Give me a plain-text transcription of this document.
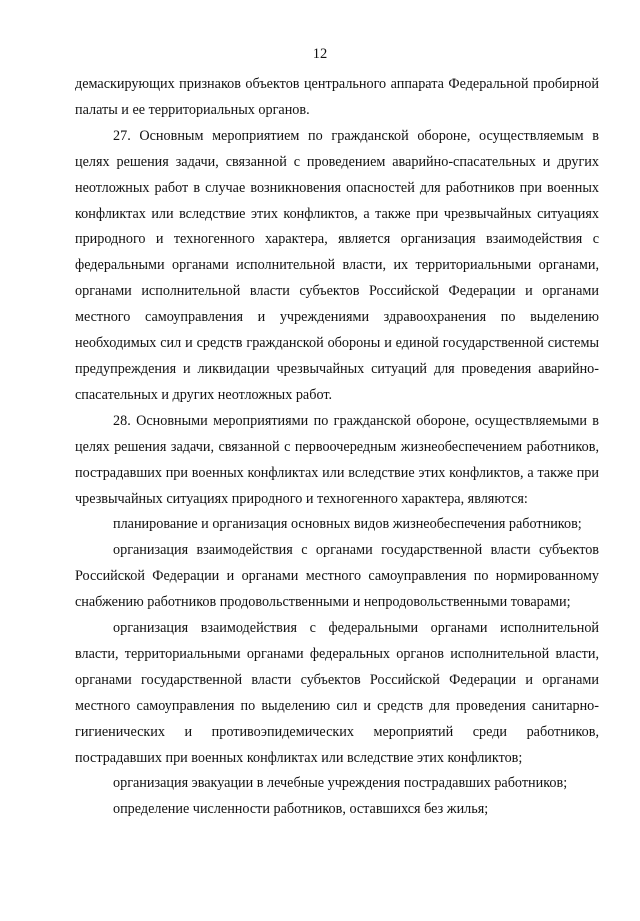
12

демаскирующих признаков объектов центрального аппарата Федеральной пробирной палаты и ее территориальных органов.

27. Основным мероприятием по гражданской обороне, осуществляемым в целях решения задачи, связанной с проведением аварийно-спасательных и других неотложных работ в случае возникновения опасностей для работников при военных конфликтах или вследствие этих конфликтов, а также при чрезвычайных ситуациях природного и техногенного характера, является организация взаимодействия с федеральными органами исполнительной власти, их территориальными органами, органами исполнительной власти субъектов Российской Федерации и органами местного самоуправления и учреждениями здравоохранения по выделению необходимых сил и средств гражданской обороны и единой государственной системы предупреждения и ликвидации чрезвычайных ситуаций для проведения аварийно-спасательных и других неотложных работ.

28. Основными мероприятиями по гражданской обороне, осуществляемыми в целях решения задачи, связанной с первоочередным жизнеобеспечением работников, пострадавших при военных конфликтах или вследствие этих конфликтов, а также при чрезвычайных ситуациях природного и техногенного характера, являются:

планирование и организация основных видов жизнеобеспечения работников;

организация взаимодействия с органами государственной власти субъектов Российской Федерации и органами местного самоуправления по нормированному снабжению работников продовольственными и непродовольственными товарами;

организация взаимодействия с федеральными органами исполнительной власти, территориальными органами федеральных органов исполнительной власти, органами государственной власти субъектов Российской Федерации и органами местного самоуправления по выделению сил и средств для проведения санитарно-гигиенических и противоэпидемических мероприятий среди работников, пострадавших при военных конфликтах или вследствие этих конфликтов;

организация эвакуации в лечебные учреждения пострадавших работников;

определение численности работников, оставшихся без жилья;
